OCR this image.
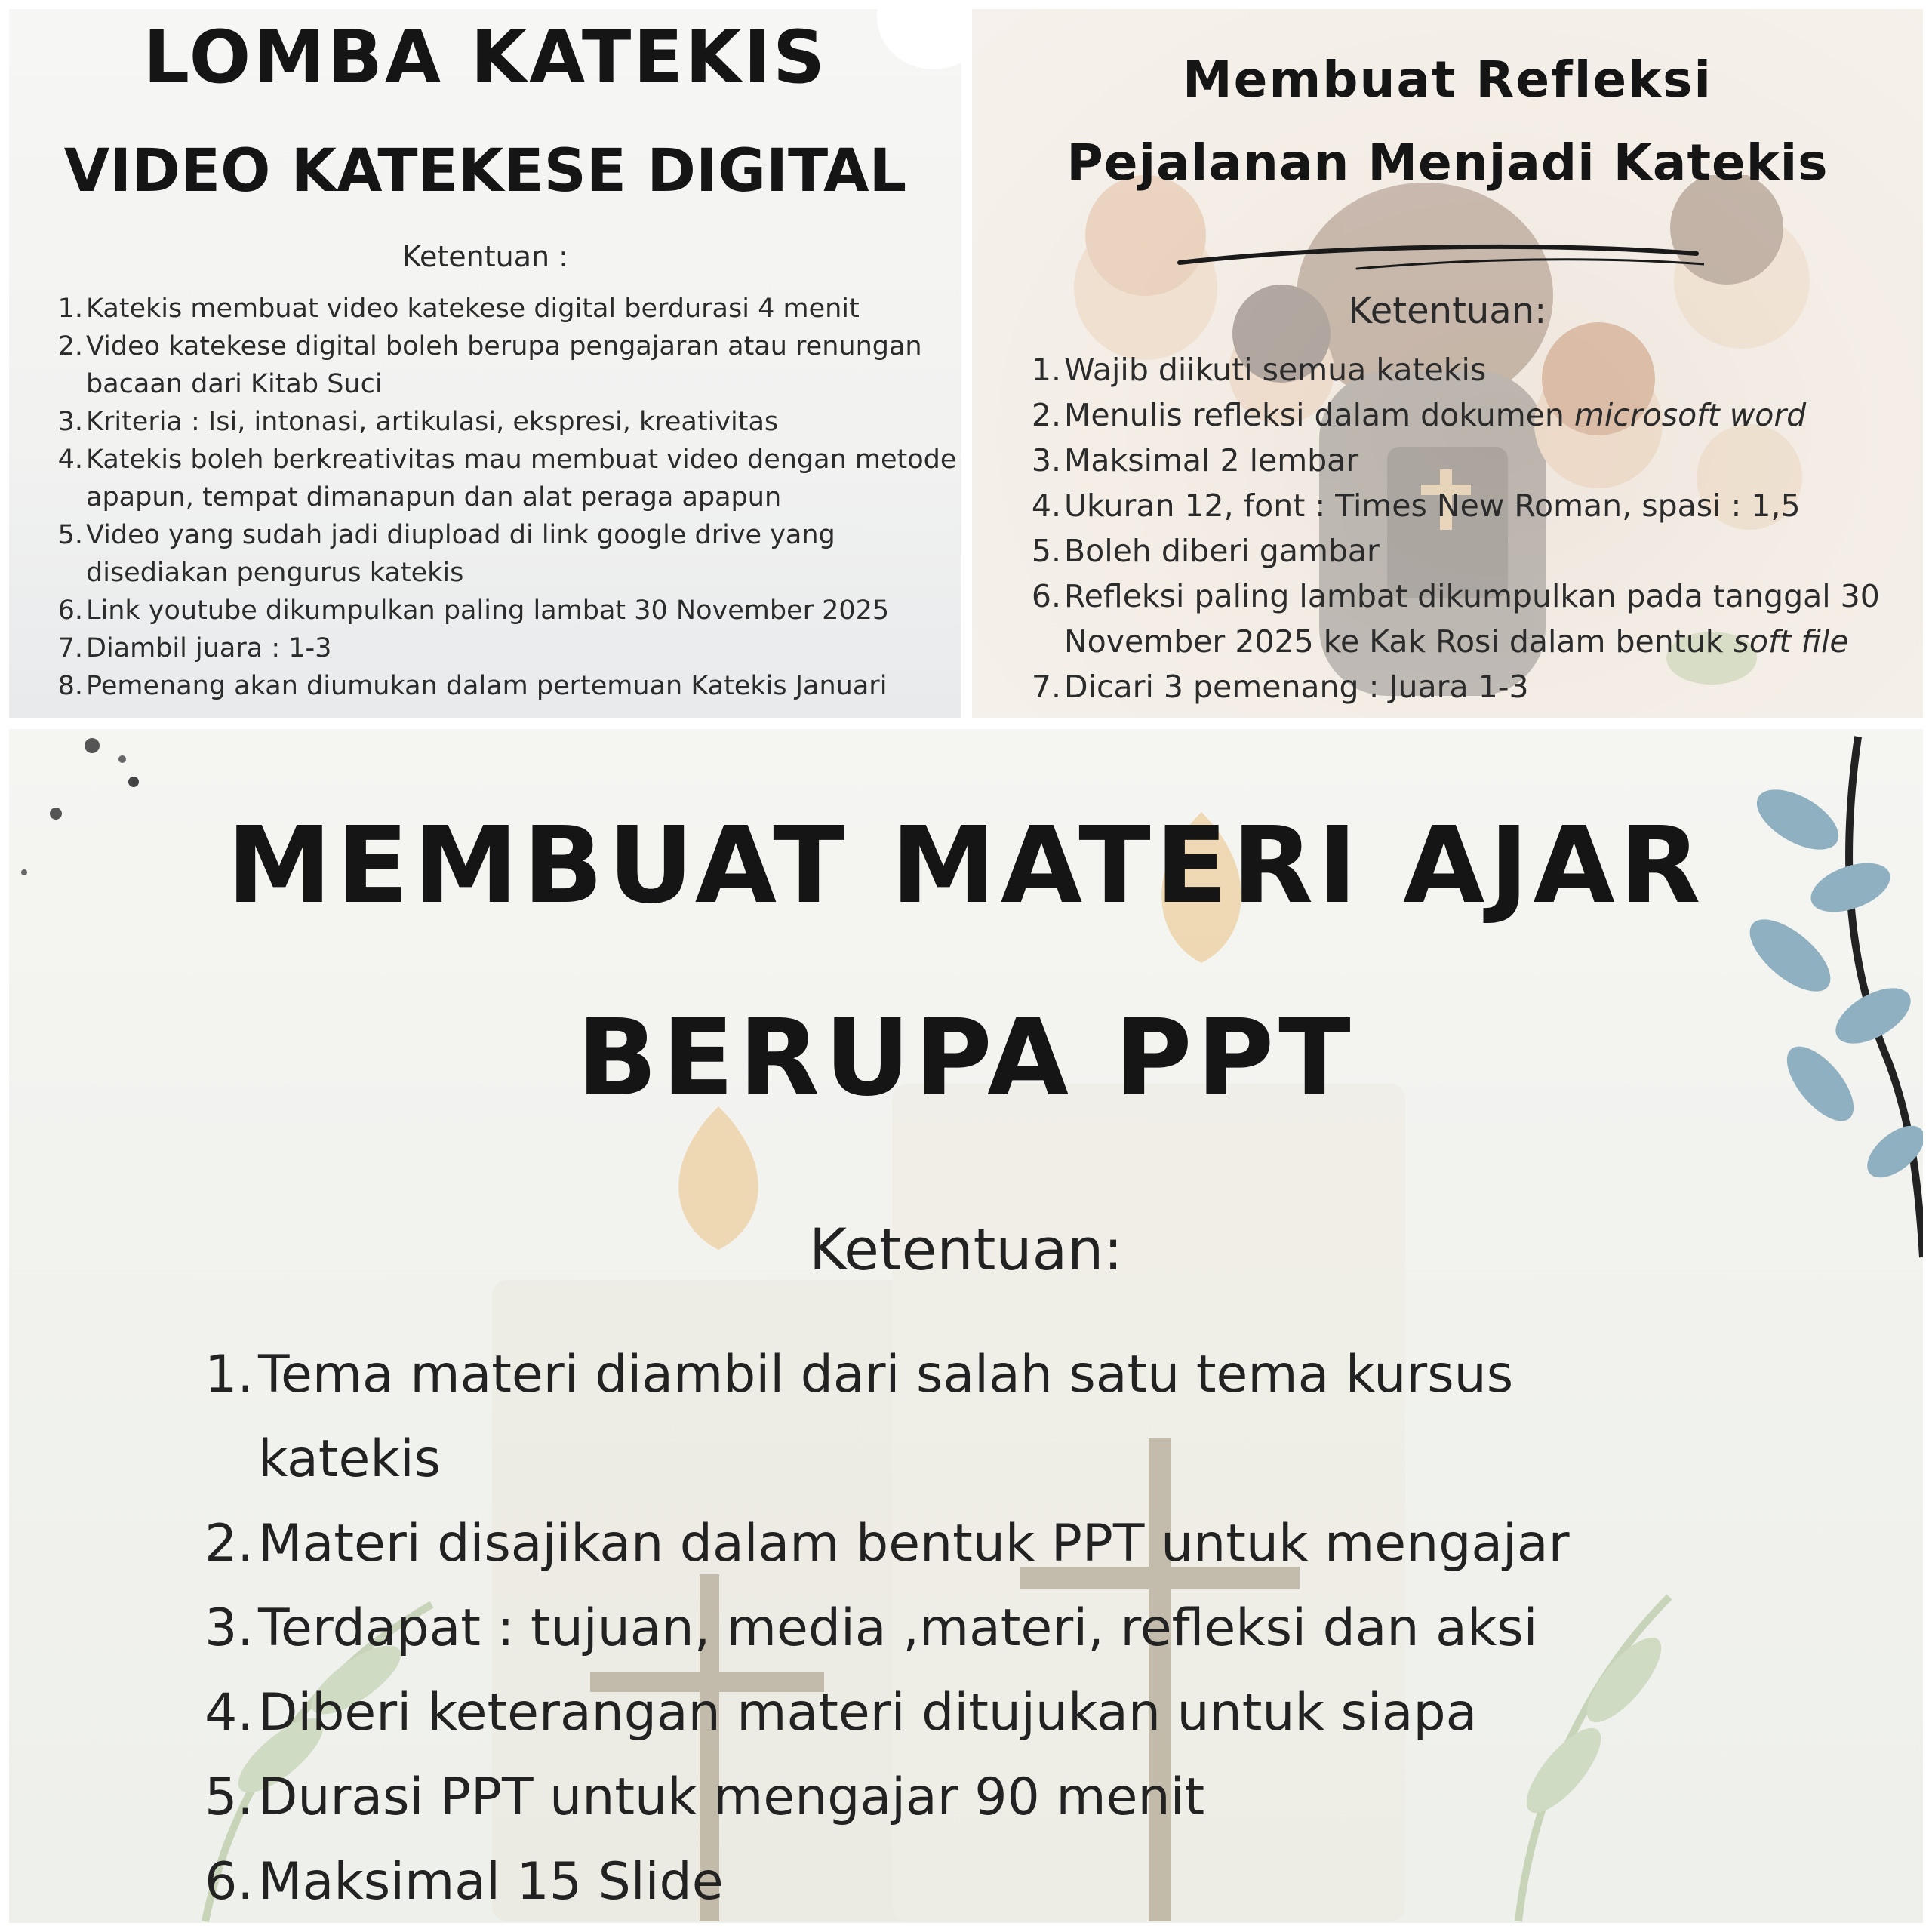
LOMBA KATEKIS
VIDEO KATEKESE DIGITAL
Ketentuan :
1. Katekis membuat video katekese digital berdurasi 4 menit
2. Video katekese digital boleh berupa pengajaran atau renungan
bacaan dari Kitab Suci
3. Kriteria : Isi, intonasi, artikulasi, ekspresi, kreativitas
4. Katekis boleh berkreativitas mau membuat video dengan metode
apapun, tempat dimanapun dan alat peraga apapun
5. Video yang sudah jadi diupload di link google drive yang
disediakan pengurus katekis
6. Link youtube dikumpulkan paling lambat 30 November 2025
7. Diambil juara : 1-3
8. Pemenang akan diumukan dalam pertemuan Katekis Januari
Membuat Refleksi
Pejalanan Menjadi Katekis
Ketentuan:
1. Wajib diikuti semua katekis
2. Menulis refleksi dalam dokumen microsoft word
3. Maksimal 2 lembar
4. Ukuran 12, font : Times New Roman, spasi : 1,5
5. Boleh diberi gambar
6. Refleksi paling lambat dikumpulkan pada tanggal 30
November 2025 ke Kak Rosi dalam bentuk soft file
7. Dicari 3 pemenang : Juara 1-3
MEMBUAT MATERI AJAR
BERUPA PPT
Ketentuan:
1. Tema materi diambil dari salah satu tema kursus
katekis
2. Materi disajikan dalam bentuk PPT untuk mengajar
3. Terdapat : tujuan, media ,materi, refleksi dan aksi
4. Diberi keterangan materi ditujukan untuk siapa
5. Durasi PPT untuk mengajar 90 menit
6. Maksimal 15 Slide
